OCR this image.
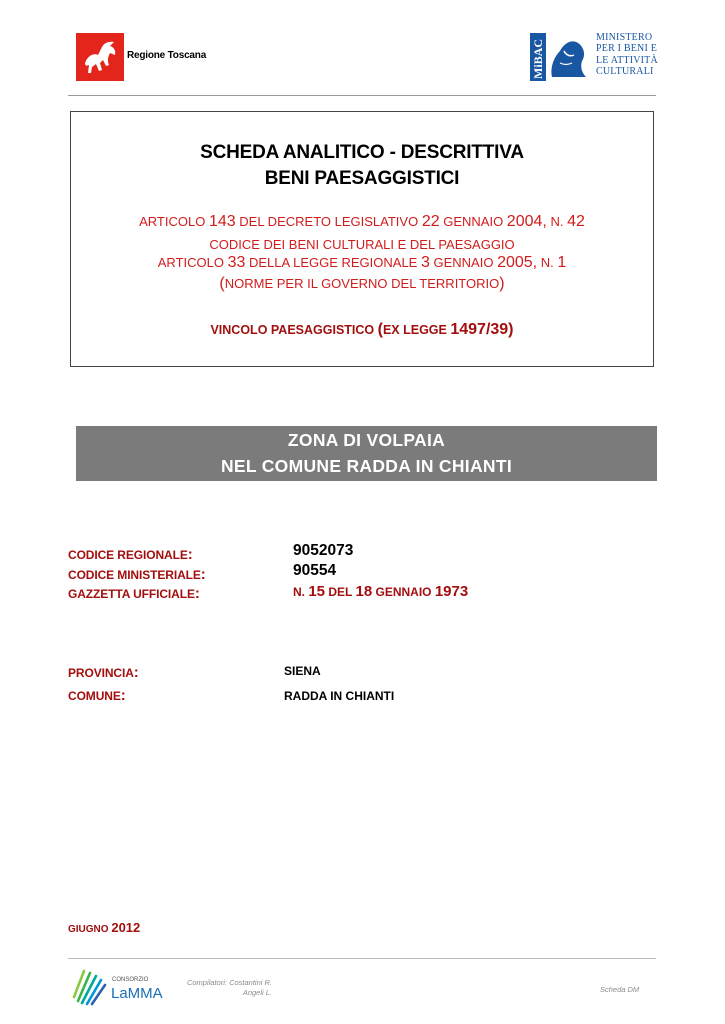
Regione Toscana	MiBAC
MINISTERO
PER I BENI E
LE ATTIVITÀ
CULTURALI
SCHEDA ANALITICO - DESCRITTIVA
BENI PAESAGGISTICI
ARTICOLO 143 DEL DECRETO LEGISLATIVO 22 GENNAIO 2004, N. 42
CODICE DEI BENI CULTURALI E DEL PAESAGGIO
ARTICOLO 33 DELLA LEGGE REGIONALE 3 GENNAIO 2005, N. 1
(NORME PER IL GOVERNO DEL TERRITORIO)
VINCOLO PAESAGGISTICO (EX LEGGE 1497/39)
ZONA DI VOLPAIA
NEL COMUNE RADDA IN CHIANTI
CODICE REGIONALE:	9052073
CODICE MINISTERIALE:	90554
GAZZETTA UFFICIALE:	N. 15 DEL 18 GENNAIO 1973
PROVINCIA:	SIENA
COMUNE:	RADDA IN CHIANTI
GIUGNO 2012
CONSORZIO
LaMMA
Compilatori: Costantini R.
Angeli L.	Scheda DM
